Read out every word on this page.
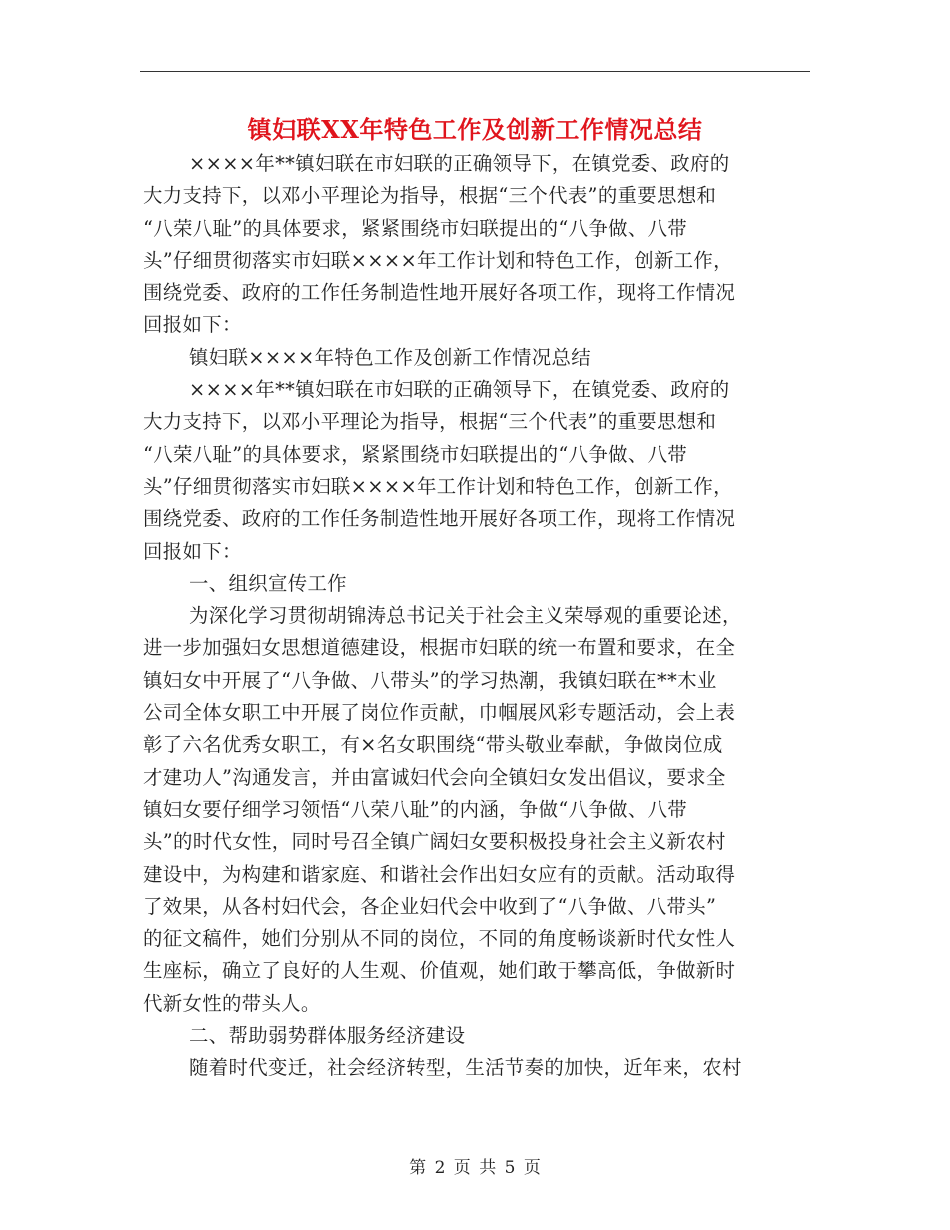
镇妇联XX年特色工作及创新工作情况总结
××××年**镇妇联在市妇联的正确领导下，在镇党委、政府的
大力支持下，以邓小平理论为指导，根据“三个代表”的重要思想和
“八荣八耻”的具体要求，紧紧围绕市妇联提出的“八争做、八带
头”仔细贯彻落实市妇联××××年工作计划和特色工作，创新工作，
围绕党委、政府的工作任务制造性地开展好各项工作，现将工作情况
回报如下：
镇妇联××××年特色工作及创新工作情况总结
××××年**镇妇联在市妇联的正确领导下，在镇党委、政府的
大力支持下，以邓小平理论为指导，根据“三个代表”的重要思想和
“八荣八耻”的具体要求，紧紧围绕市妇联提出的“八争做、八带
头”仔细贯彻落实市妇联××××年工作计划和特色工作，创新工作，
围绕党委、政府的工作任务制造性地开展好各项工作，现将工作情况
回报如下：
一、组织宣传工作
为深化学习贯彻胡锦涛总书记关于社会主义荣辱观的重要论述，
进一步加强妇女思想道德建设，根据市妇联的统一布置和要求，在全
镇妇女中开展了“八争做、八带头”的学习热潮，我镇妇联在**木业
公司全体女职工中开展了岗位作贡献，巾帼展风彩专题活动，会上表
彰了六名优秀女职工，有×名女职围绕“带头敬业奉献，争做岗位成
才建功人”沟通发言，并由富诚妇代会向全镇妇女发出倡议，要求全
镇妇女要仔细学习领悟“八荣八耻”的内涵，争做“八争做、八带
头”的时代女性，同时号召全镇广阔妇女要积极投身社会主义新农村
建设中，为构建和谐家庭、和谐社会作出妇女应有的贡献。活动取得
了效果，从各村妇代会，各企业妇代会中收到了“八争做、八带头”
的征文稿件，她们分别从不同的岗位，不同的角度畅谈新时代女性人
生座标，确立了良好的人生观、价值观，她们敢于攀高低，争做新时
代新女性的带头人。
二、帮助弱势群体服务经济建设
随着时代变迁，社会经济转型，生活节奏的加快，近年来，农村
第 2 页 共 5 页
